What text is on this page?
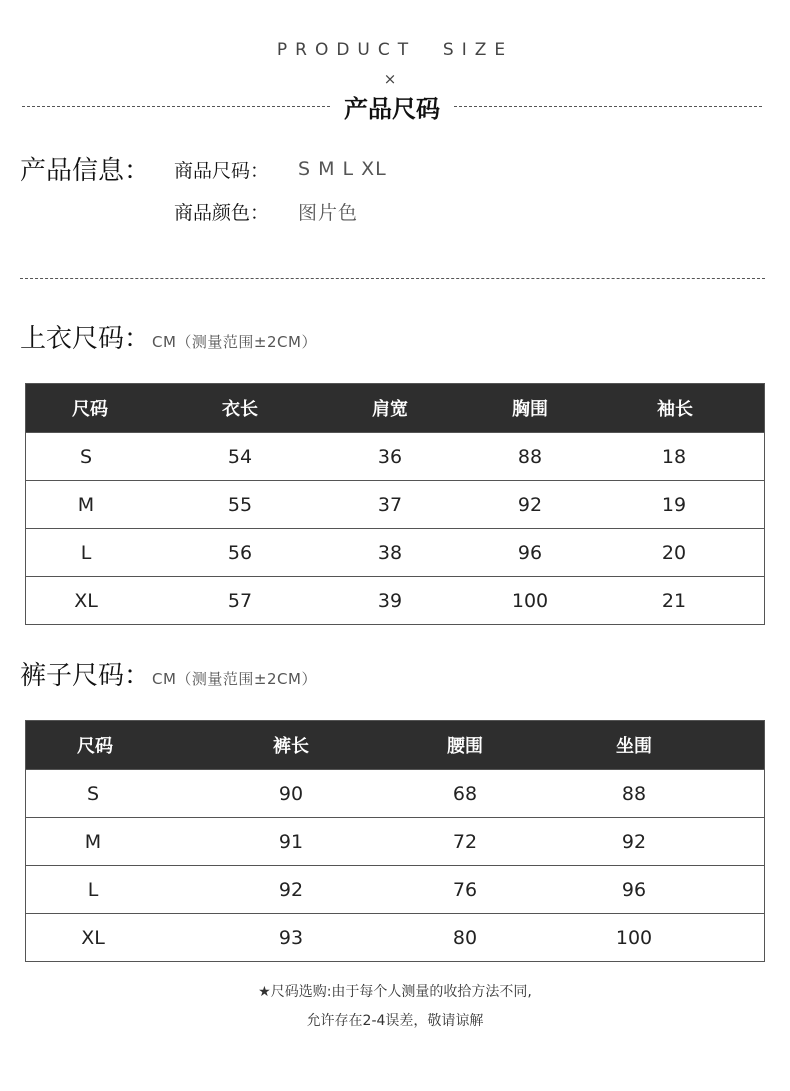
PRODUCT  SIZE
×
产品尺码
产品信息： 商品尺码： S M L XL
商品颜色： 图片色
上衣尺码： CM（测量范围±2CM）
尺码	衣长	肩宽	胸围	袖长
S	54	36	88	18
M	55	37	92	19
L	56	38	96	20
XL	57	39	100	21
裤子尺码： CM（测量范围±2CM）
尺码	裤长	腰围	坐围
S	90	68	88
M	91	72	92
L	92	76	96
XL	93	80	100
★尺码选购:由于每个人测量的收拾方法不同,
允许存在2-4误差，敬请谅解
